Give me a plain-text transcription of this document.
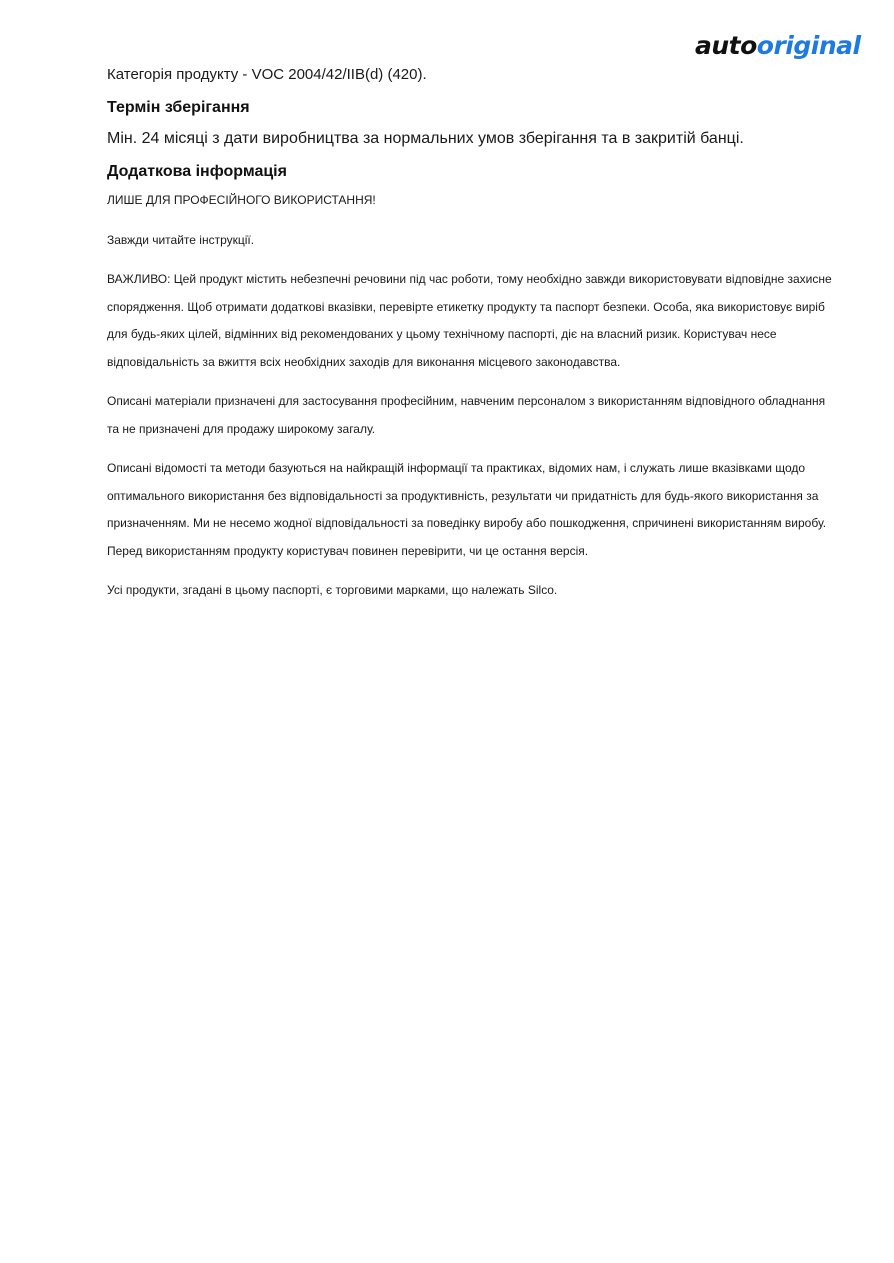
auto original

Категорія продукту - VOC 2004/42/IIB(d) (420).

Термін зберігання

Мін. 24 місяці з дати виробництва за нормальних умов зберігання та в закритій банці.

Додаткова інформація

ЛИШЕ ДЛЯ ПРОФЕСІЙНОГО ВИКОРИСТАННЯ!

Завжди читайте інструкції.

ВАЖЛИВО: Цей продукт містить небезпечні речовини під час роботи, тому необхідно завжди використовувати відповідне захисне спорядження. Щоб отримати додаткові вказівки, перевірте етикетку продукту та паспорт безпеки. Особа, яка використовує виріб для будь-яких цілей, відмінних від рекомендованих у цьому технічному паспорті, діє на власний ризик. Користувач несе відповідальність за вжиття всіх необхідних заходів для виконання місцевого законодавства.

Описані матеріали призначені для застосування професійним, навченим персоналом з використанням відповідного обладнання та не призначені для продажу широкому загалу.

Описані відомості та методи базуються на найкращій інформації та практиках, відомих нам, і служать лише вказівками щодо оптимального використання без відповідальності за продуктивність, результати чи придатність для будь-якого використання за призначенням. Ми не несемо жодної відповідальності за поведінку виробу або пошкодження, спричинені використанням виробу. Перед використанням продукту користувач повинен перевірити, чи це остання версія.

Усі продукти, згадані в цьому паспорті, є торговими марками, що належать Silco.
